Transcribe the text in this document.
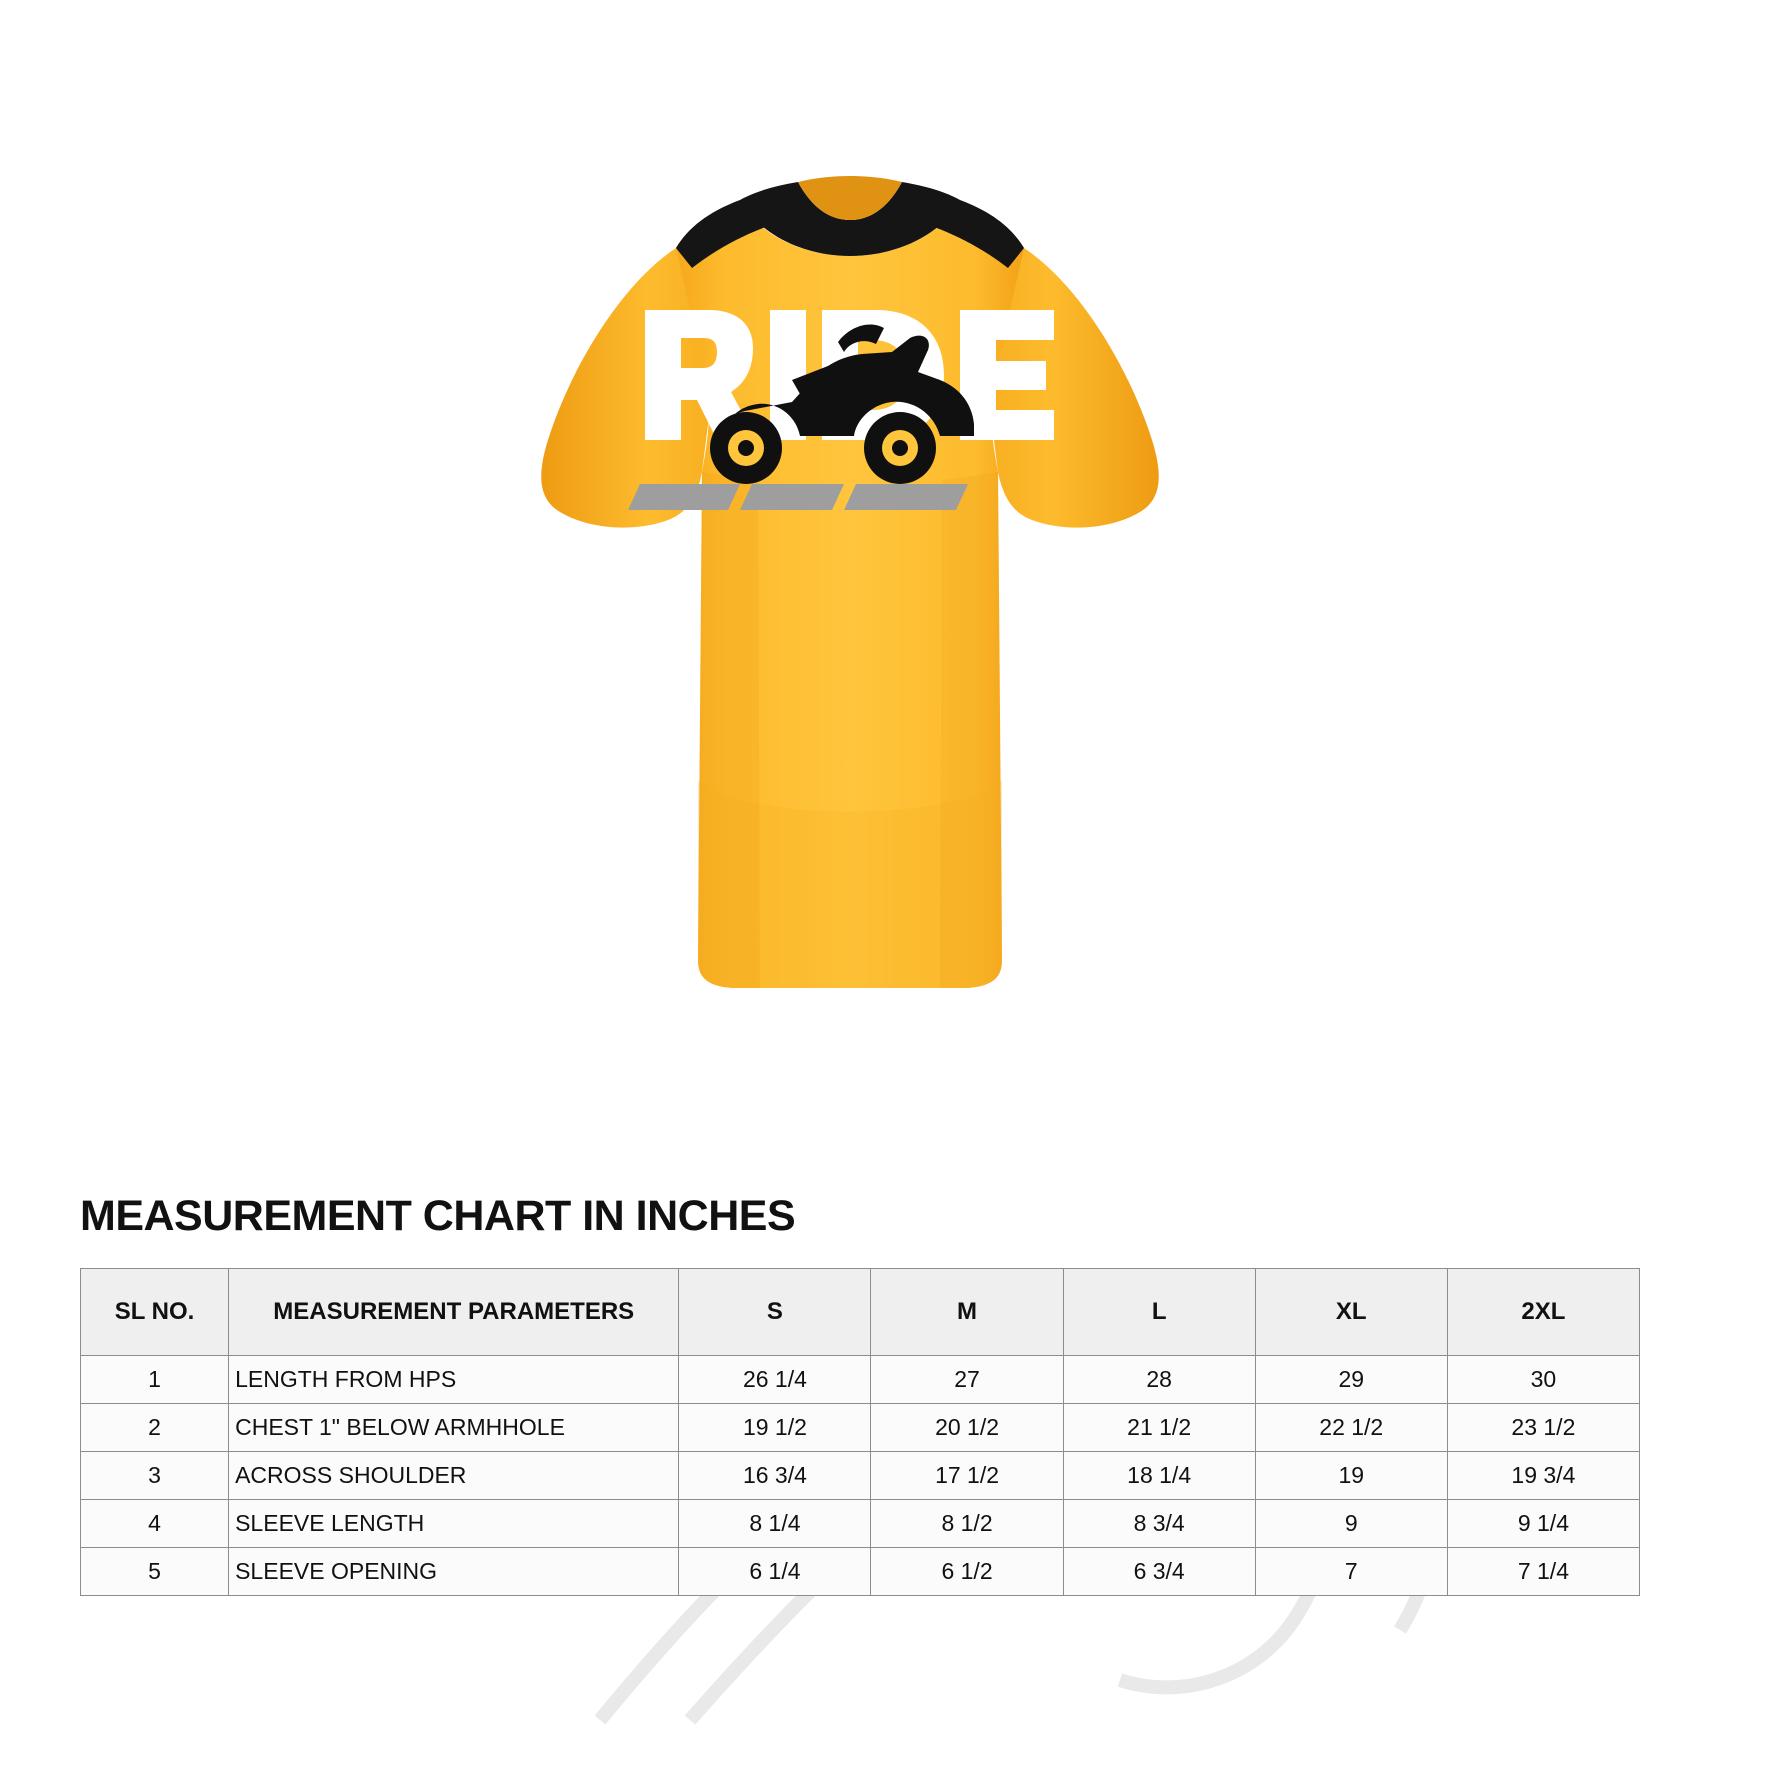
MEASUREMENT CHART IN INCHES
SL NO.	MEASUREMENT PARAMETERS	S	M	L	XL	2XL
1	LENGTH FROM HPS	26 1/4	27	28	29	30
2	CHEST 1" BELOW ARMHHOLE	19 1/2	20 1/2	21 1/2	22 1/2	23 1/2
3	ACROSS SHOULDER	16 3/4	17 1/2	18 1/4	19	19 3/4
4	SLEEVE LENGTH	8 1/4	8 1/2	8 3/4	9	9 1/4
5	SLEEVE OPENING	6 1/4	6 1/2	6 3/4	7	7 1/4
